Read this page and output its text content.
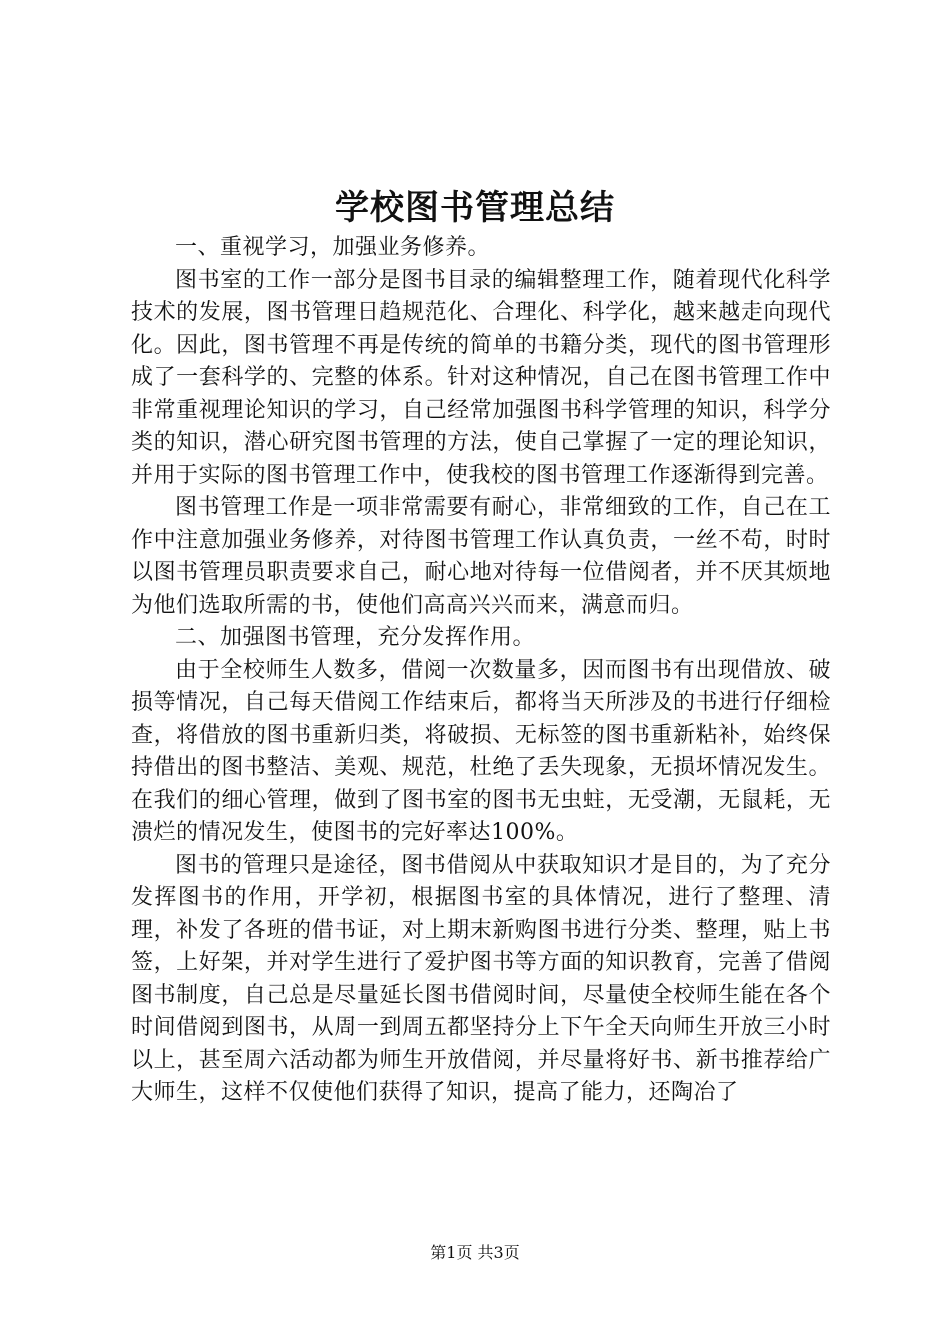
学校图书管理总结

一、重视学习，加强业务修养。

图书室的工作一部分是图书目录的编辑整理工作，随着现代化科学技术的发展，图书管理日趋规范化、合理化、科学化，越来越走向现代化。因此，图书管理不再是传统的简单的书籍分类，现代的图书管理形成了一套科学的、完整的体系。针对这种情况，自己在图书管理工作中非常重视理论知识的学习，自己经常加强图书科学管理的知识，科学分类的知识，潜心研究图书管理的方法，使自己掌握了一定的理论知识，并用于实际的图书管理工作中，使我校的图书管理工作逐渐得到完善。

图书管理工作是一项非常需要有耐心，非常细致的工作，自己在工作中注意加强业务修养，对待图书管理工作认真负责，一丝不苟，时时以图书管理员职责要求自己，耐心地对待每一位借阅者，并不厌其烦地为他们选取所需的书，使他们高高兴兴而来，满意而归。

二、加强图书管理，充分发挥作用。

由于全校师生人数多，借阅一次数量多，因而图书有出现借放、破损等情况，自己每天借阅工作结束后，都将当天所涉及的书进行仔细检查，将借放的图书重新归类，将破损、无标签的图书重新粘补，始终保持借出的图书整洁、美观、规范，杜绝了丢失现象，无损坏情况发生。在我们的细心管理，做到了图书室的图书无虫蛀，无受潮，无鼠耗，无溃烂的情况发生，使图书的完好率达100%。

图书的管理只是途径，图书借阅从中获取知识才是目的，为了充分发挥图书的作用，开学初，根据图书室的具体情况，进行了整理、清理，补发了各班的借书证，对上期末新购图书进行分类、整理，贴上书签，上好架，并对学生进行了爱护图书等方面的知识教育，完善了借阅图书制度，自己总是尽量延长图书借阅时间，尽量使全校师生能在各个时间借阅到图书，从周一到周五都坚持分上下午全天向师生开放三小时以上，甚至周六活动都为师生开放借阅，并尽量将好书、新书推荐给广大师生，这样不仅使他们获得了知识，提高了能力，还陶冶了

第1页 共3页
